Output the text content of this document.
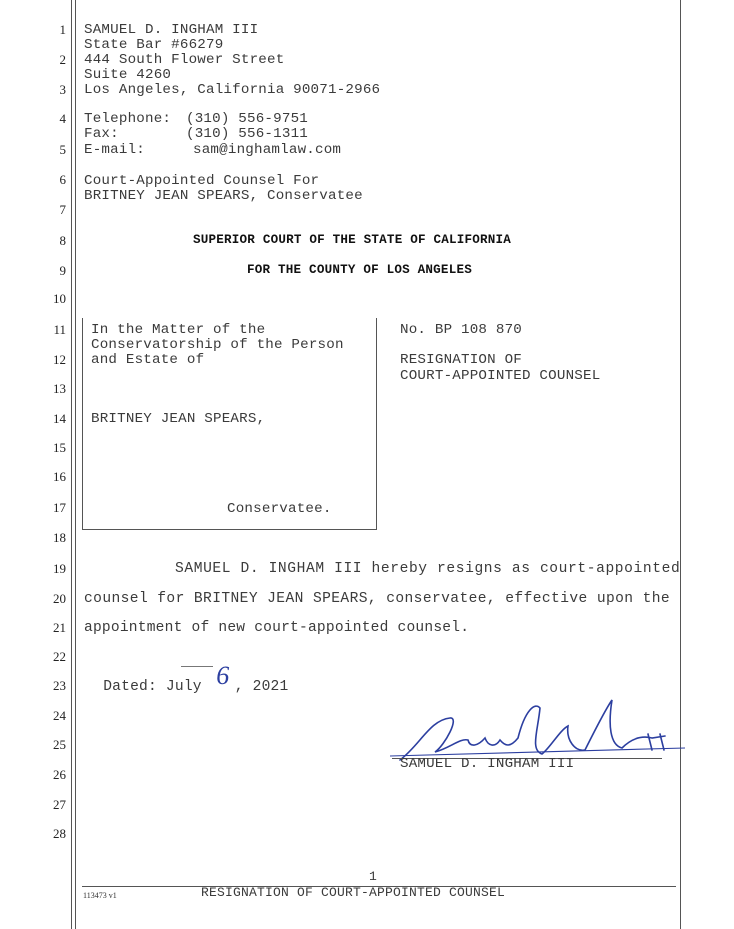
1
2
3
4
5
6
7
8
9
10
11
12
13
14
15
16
17
18
19
20
21
22
23
24
25
26
27
28
SAMUEL D. INGHAM III
State Bar #66279
444 South Flower Street
Suite 4260
Los Angeles, California 90071-2966
Telephone: (310) 556-9751
Fax:	(310) 556-1311
E-mail:	sam@inghamlaw.com
Court-Appointed Counsel For
BRITNEY JEAN SPEARS, Conservatee
SUPERIOR COURT OF THE STATE OF CALIFORNIA
FOR THE COUNTY OF LOS ANGELES
In the Matter of the
Conservatorship of the Person
and Estate of
BRITNEY JEAN SPEARS,
Conservatee.
No. BP 108 870
RESIGNATION OF
COURT-APPOINTED COUNSEL
SAMUEL D. INGHAM III hereby resigns as court-appointed
counsel for BRITNEY JEAN SPEARS, conservatee, effective upon the
appointment of new court-appointed counsel.

Dated: July 6 , 2021

SAMUEL D. INGHAM III
1
113473 v1	RESIGNATION OF COURT-APPOINTED COUNSEL
